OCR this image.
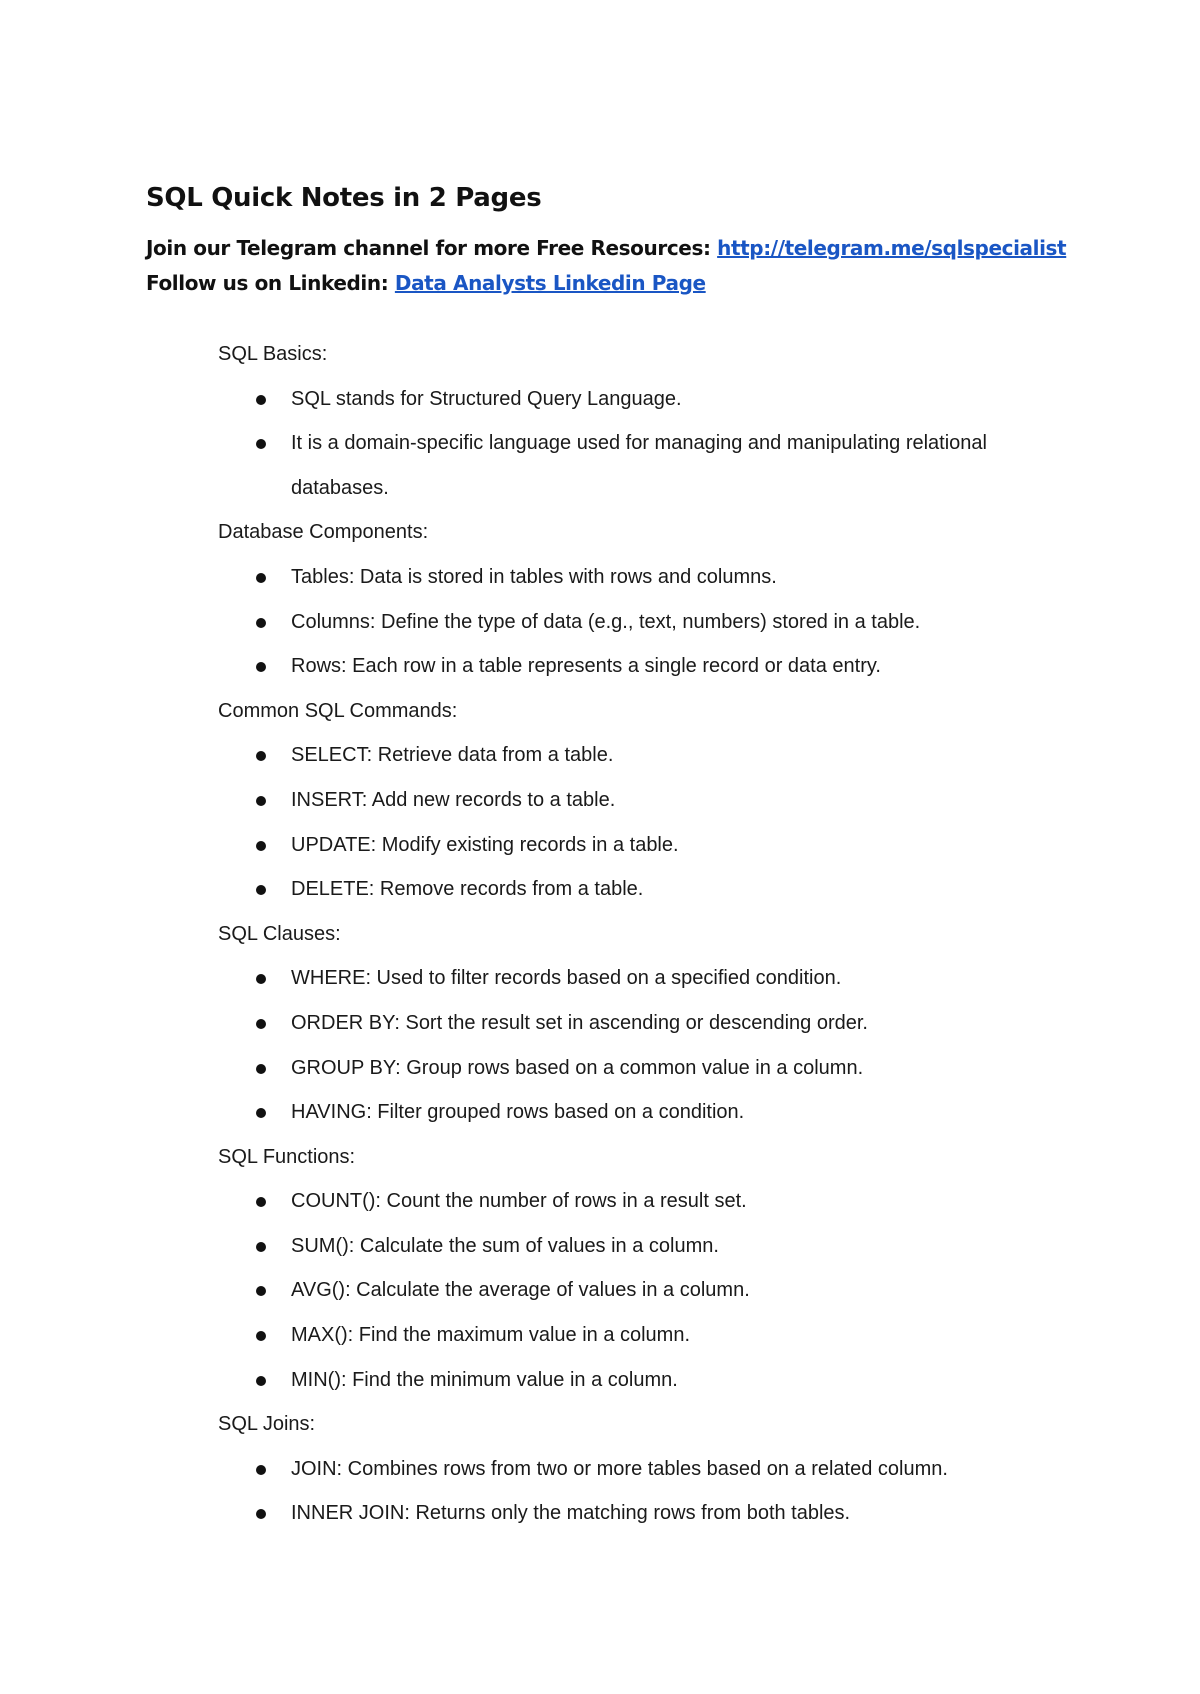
SQL Quick Notes in 2 Pages
Join our Telegram channel for more Free Resources: http://telegram.me/sqlspecialist
Follow us on Linkedin: Data Analysts Linkedin Page

SQL Basics:

SQL stands for Structured Query Language.
It is a domain-specific language used for managing and manipulating relational databases.

Database Components:

Tables: Data is stored in tables with rows and columns.
Columns: Define the type of data (e.g., text, numbers) stored in a table.
Rows: Each row in a table represents a single record or data entry.

Common SQL Commands:

SELECT: Retrieve data from a table.
INSERT: Add new records to a table.
UPDATE: Modify existing records in a table.
DELETE: Remove records from a table.

SQL Clauses:

WHERE: Used to filter records based on a specified condition.
ORDER BY: Sort the result set in ascending or descending order.
GROUP BY: Group rows based on a common value in a column.
HAVING: Filter grouped rows based on a condition.

SQL Functions:

COUNT(): Count the number of rows in a result set.
SUM(): Calculate the sum of values in a column.
AVG(): Calculate the average of values in a column.
MAX(): Find the maximum value in a column.
MIN(): Find the minimum value in a column.

SQL Joins:

JOIN: Combines rows from two or more tables based on a related column.
INNER JOIN: Returns only the matching rows from both tables.
